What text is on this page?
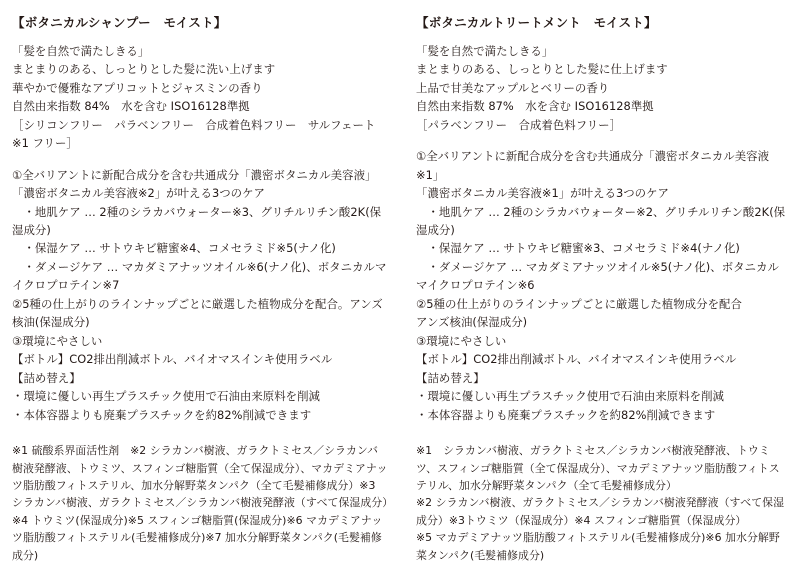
【ボタニカルシャンプー　モイスト】

「髪を自然で満たしきる」

まとまりのある、しっとりとした髪に洗い上げます

華やかで優雅なアプリコットとジャスミンの香り

自然由来指数 84%　水を含む ISO16128準拠

［シリコンフリー　パラベンフリー　合成着色料フリー　サルフェート※1 フリー］

①全バリアントに新配合成分を含む共通成分「濃密ボタニカル美容液」

「濃密ボタニカル美容液※2」が叶える3つのケア

　・地肌ケア … 2種のシラカバウォーター※3、グリチルリチン酸2K(保湿成分)

　・保湿ケア … サトウキビ糖蜜※4、コメセラミド※5(ナノ化)

　・ダメージケア … マカダミアナッツオイル※6(ナノ化)、ボタニカルマイクロプロテイン※7

②5種の仕上がりのラインナップごとに厳選した植物成分を配合。アンズ核油(保湿成分)

③環境にやさしい

【ボトル】CO2排出削減ボトル、バイオマスインキ使用ラベル

【詰め替え】

・環境に優しい再生プラスチック使用で石油由来原料を削減

・本体容器よりも廃棄プラスチックを約82%削減できます

※1 硫酸系界面活性剤　※2 シラカンバ樹液、ガラクトミセス／シラカンバ樹液発酵液、トウミツ、スフィンゴ糖脂質（全て保湿成分）、マカデミアナッツ脂肪酸フィトステリル、加水分解野菜タンパク（全て毛髪補修成分）※3 シラカンバ樹液、ガラクトミセス／シラカンバ樹液発酵液（すべて保湿成分）※4 トウミツ(保湿成分)※5 スフィンゴ糖脂質(保湿成分)※6 マカデミアナッツ脂肪酸フィトステリル(毛髪補修成分)※7 加水分解野菜タンパク(毛髪補修成分)

【ボタニカルトリートメント　モイスト】

「髪を自然で満たしきる」

まとまりのある、しっとりとした髪に仕上げます

上品で甘美なアップルとベリーの香り

自然由来指数 87%　水を含む ISO16128準拠

［パラベンフリー　合成着色料フリー］

①全バリアントに新配合成分を含む共通成分「濃密ボタニカル美容液※1」

「濃密ボタニカル美容液※1」が叶える3つのケア

　・地肌ケア … 2種のシラカバウォーター※2、グリチルリチン酸2K(保湿成分)

　・保湿ケア … サトウキビ糖蜜※3、コメセラミド※4(ナノ化)

　・ダメージケア … マカダミアナッツオイル※5(ナノ化)、ボタニカルマイクロプロテイン※6

②5種の仕上がりのラインナップごとに厳選した植物成分を配合

アンズ核油(保湿成分)

③環境にやさしい

【ボトル】CO2排出削減ボトル、バイオマスインキ使用ラベル

【詰め替え】

・環境に優しい再生プラスチック使用で石油由来原料を削減

・本体容器よりも廃棄プラスチックを約82%削減できます

※1　シラカンバ樹液、ガラクトミセス／シラカンバ樹液発酵液、トウミツ、スフィンゴ糖脂質（全て保湿成分）、マカデミアナッツ脂肪酸フィトステリル、加水分解野菜タンパク（全て毛髪補修成分）

※2 シラカンバ樹液、ガラクトミセス／シラカンバ樹液発酵液（すべて保湿成分）※3トウミツ（保湿成分）※4 スフィンゴ糖脂質（保湿成分）

※5 マカデミアナッツ脂肪酸フィトステリル(毛髪補修成分)※6 加水分解野菜タンパク(毛髪補修成分)
